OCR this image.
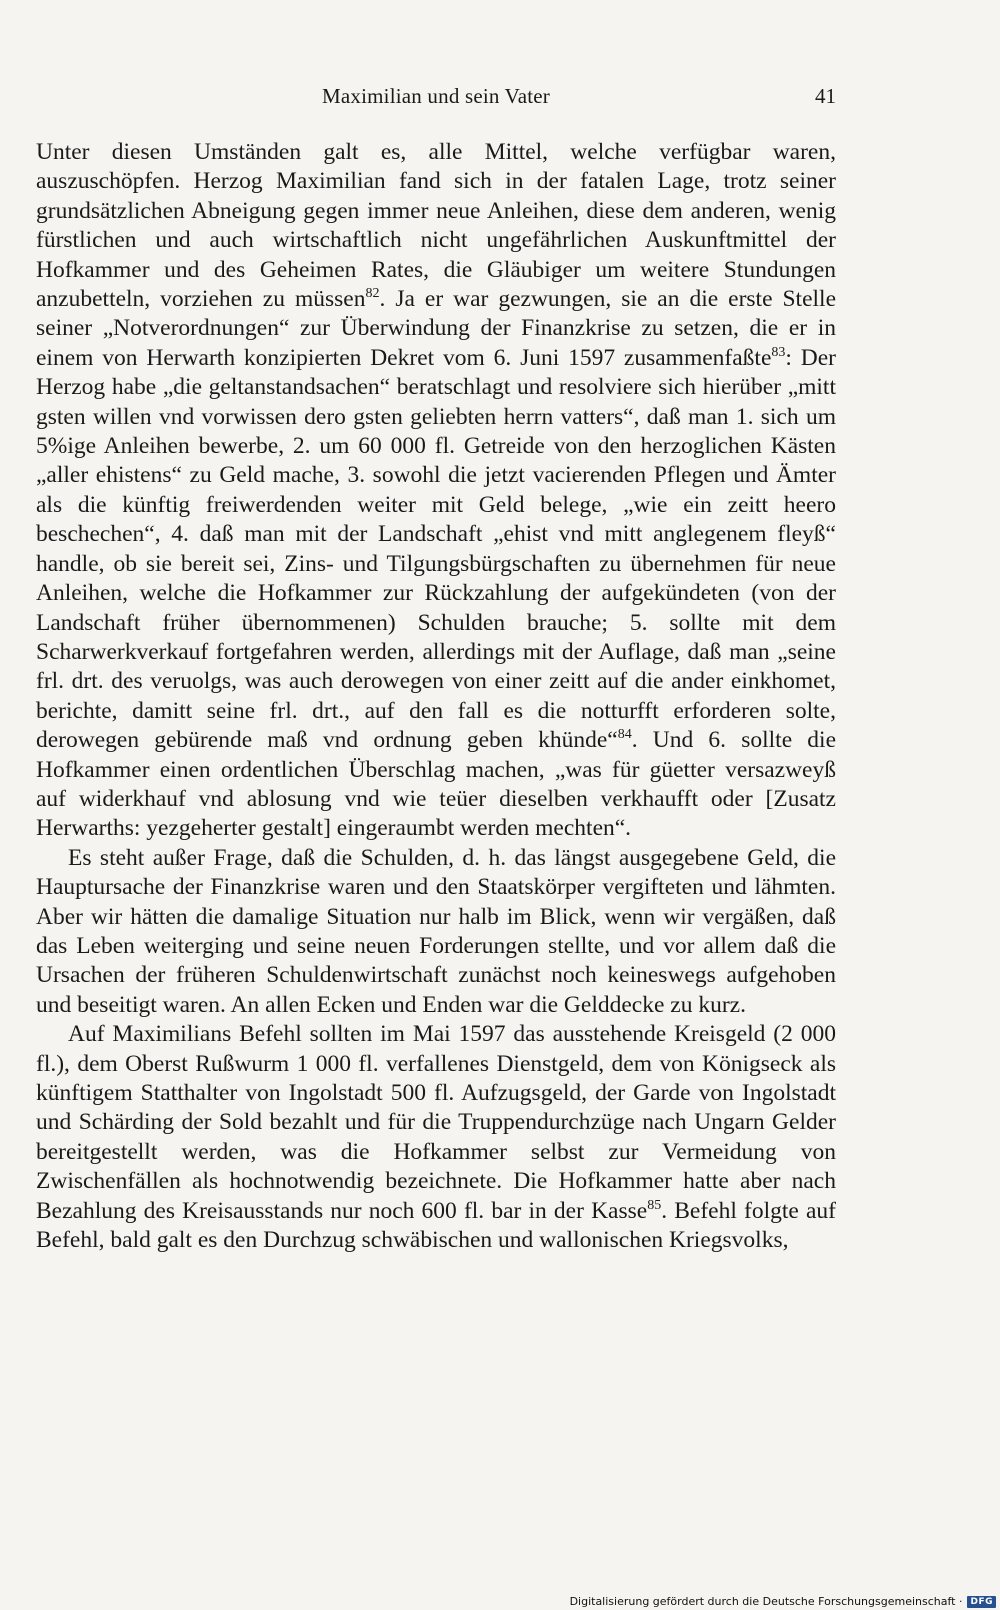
Maximilian und sein Vater	41

Unter diesen Umständen galt es, alle Mittel, welche verfügbar waren, auszuschöpfen. Herzog Maximilian fand sich in der fatalen Lage, trotz seiner grundsätzlichen Abneigung gegen immer neue Anleihen, diese dem anderen, wenig fürstlichen und auch wirtschaftlich nicht ungefährlichen Auskunftmittel der Hofkammer und des Geheimen Rates, die Gläubiger um weitere Stundungen anzubetteln, vorziehen zu müssen$^{82}$. Ja er war gezwungen, sie an die erste Stelle seiner „Notverordnungen“ zur Überwindung der Finanzkrise zu setzen, die er in einem von Herwarth konzipierten Dekret vom 6. Juni 1597 zusammenfaßte$^{83}$: Der Herzog habe „die geltanstandsachen“ beratschlagt und resolviere sich hierüber „mitt gsten willen vnd vorwissen dero gsten geliebten herrn vatters“, daß man 1. sich um 5%ige Anleihen bewerbe, 2. um 60 000 fl. Getreide von den herzoglichen Kästen „aller ehistens“ zu Geld mache, 3. sowohl die jetzt vacierenden Pflegen und Ämter als die künftig freiwerdenden weiter mit Geld belege, „wie ein zeitt heero beschechen“, 4. daß man mit der Landschaft „ehist vnd mitt anglegenem fleyß“ handle, ob sie bereit sei, Zins- und Tilgungsbürgschaften zu übernehmen für neue Anleihen, welche die Hofkammer zur Rückzahlung der aufgekündeten (von der Landschaft früher übernommenen) Schulden brauche; 5. sollte mit dem Scharwerkverkauf fortgefahren werden, allerdings mit der Auflage, daß man „seine frl. drt. des veruolgs, was auch derowegen von einer zeitt auf die ander einkhomet, berichte, damitt seine frl. drt., auf den fall es die notturfft erforderen solte, derowegen gebürende maß vnd ordnung geben khünde“$^{84}$. Und 6. sollte die Hofkammer einen ordentlichen Überschlag machen, „was für güetter versazweyß auf widerkhauf vnd ablosung vnd wie teüer dieselben verkhaufft oder [Zusatz Herwarths: yezgeherter gestalt] eingeraumbt werden mechten“.

Es steht außer Frage, daß die Schulden, d. h. das längst ausgegebene Geld, die Hauptursache der Finanzkrise waren und den Staatskörper vergifteten und lähmten. Aber wir hätten die damalige Situation nur halb im Blick, wenn wir vergäßen, daß das Leben weiterging und seine neuen Forderungen stellte, und vor allem daß die Ursachen der früheren Schuldenwirtschaft zunächst noch keineswegs aufgehoben und beseitigt waren. An allen Ecken und Enden war die Gelddecke zu kurz.

Auf Maximilians Befehl sollten im Mai 1597 das ausstehende Kreisgeld (2 000 fl.), dem Oberst Rußwurm 1 000 fl. verfallenes Dienstgeld, dem von Königseck als künftigem Statthalter von Ingolstadt 500 fl. Aufzugsgeld, der Garde von Ingolstadt und Schärding der Sold bezahlt und für die Truppendurchzüge nach Ungarn Gelder bereitgestellt werden, was die Hofkammer selbst zur Vermeidung von Zwischenfällen als hochnotwendig bezeichnete. Die Hofkammer hatte aber nach Bezahlung des Kreisausstands nur noch 600 fl. bar in der Kasse$^{85}$. Befehl folgte auf Befehl, bald galt es den Durchzug schwäbischen und wallonischen Kriegsvolks,

Digitalisierung gefördert durch die Deutsche Forschungsgemeinschaft · DFG
